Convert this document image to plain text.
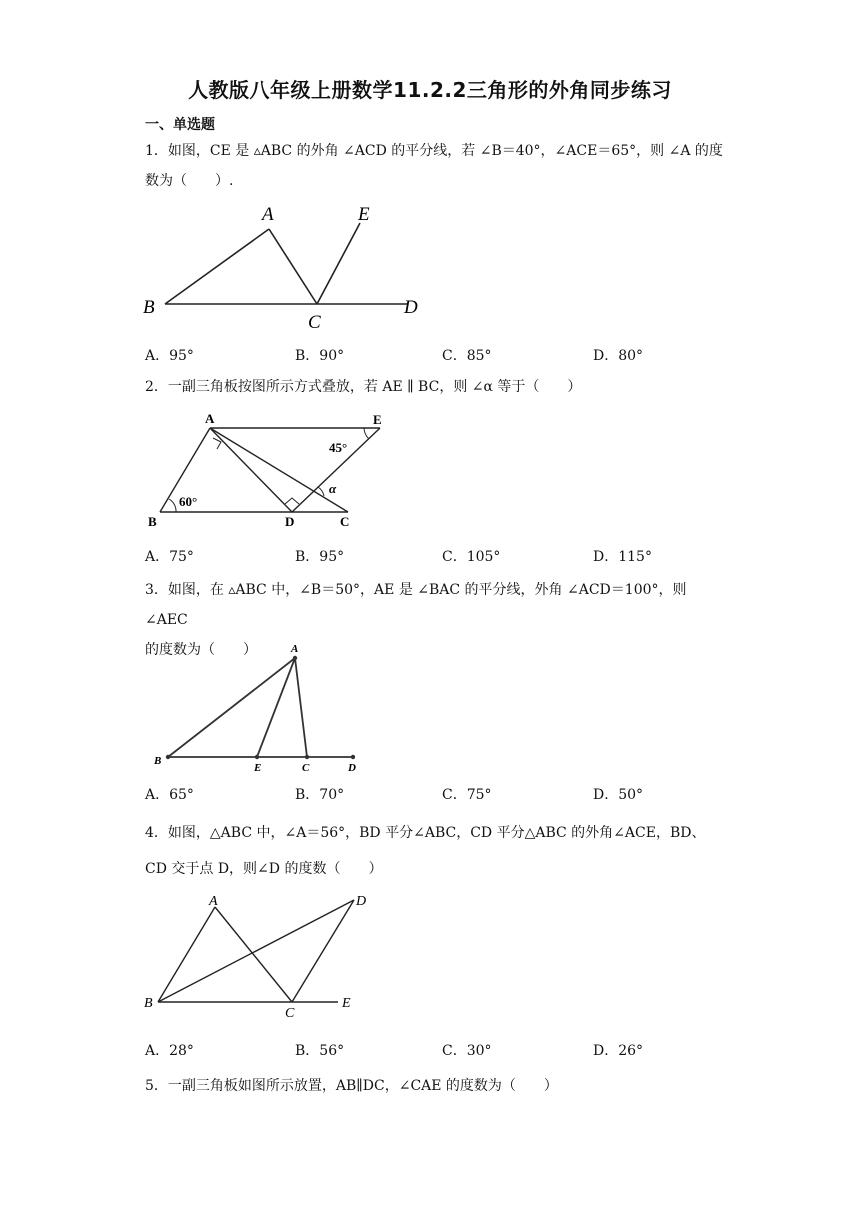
人教版八年级上册数学11.2.2三角形的外角同步练习
一、单选题
1．如图，CE 是 ▵ABC 的外角 ∠ACD 的平分线，若 ∠B＝40°，∠ACE＝65°，则 ∠A 的度
数为（　　）.
A	E
B
C
D
A．95°	B．90°	C．85°	D．80°
2．一副三角板按图所示方式叠放，若 AE ∥ BC，则 ∠α 等于（　　）
A	E
45°
α
60°
B	D	C
A．75°	B．95°	C．105°	D．115°
3．如图，在 ▵ABC 中，∠B＝50°，AE 是 ∠BAC 的平分线，外角 ∠ACD＝100°，则 ∠AEC
的度数为（　　）	A
B
E	C	D
A．65°	B．70°	C．75°	D．50°
4．如图，△ABC 中，∠A＝56°，BD 平分∠ABC，CD 平分△ABC 的外角∠ACE，BD、
CD 交于点 D，则∠D 的度数（　　）
A	D
B
C
E
A．28°	B．56°	C．30°	D．26°
5．一副三角板如图所示放置，AB∥DC，∠CAE 的度数为（　　）
